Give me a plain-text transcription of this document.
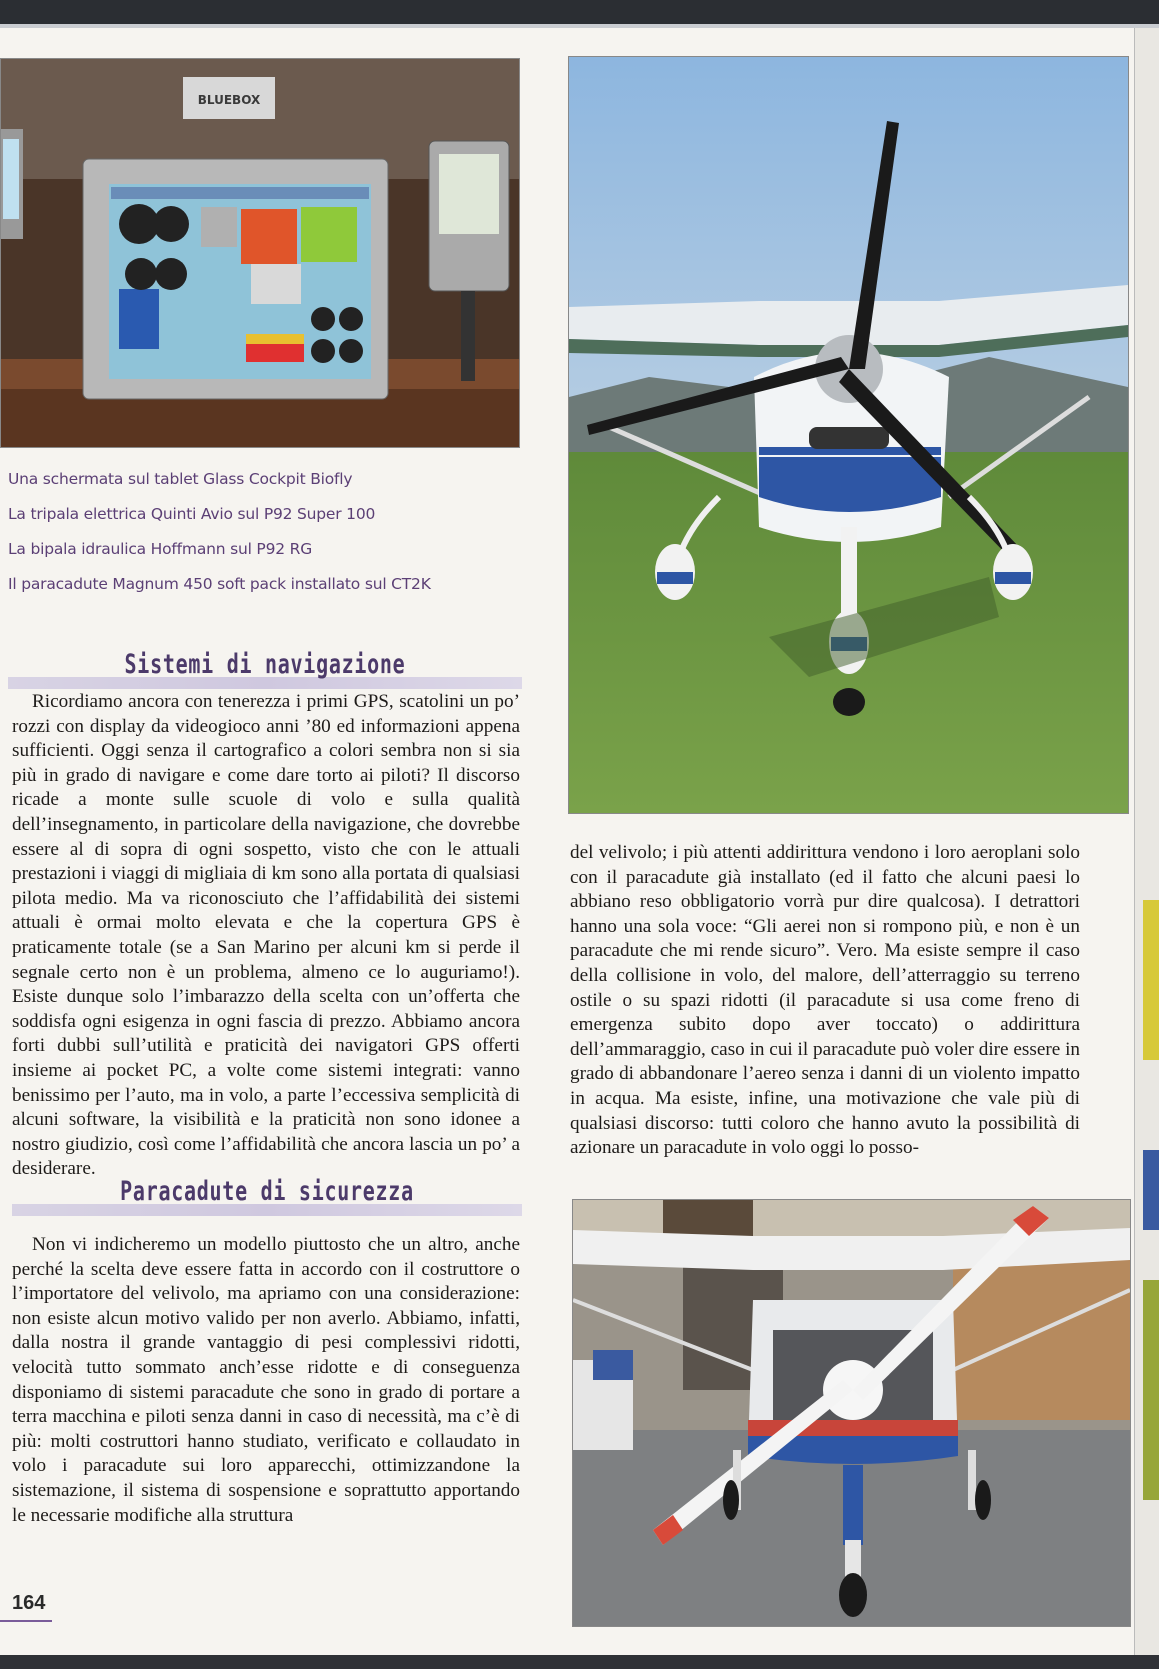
BLUEBOX
Una schermata sul tablet Glass Cockpit Biofly
La tripala elettrica Quinti Avio sul P92 Super 100
La bipala idraulica Hoffmann sul P92 RG
Il paracadute Magnum 450 soft pack installato sul CT2K
Sistemi di navigazione

Ricordiamo ancora con tenerezza i primi GPS, scatolini un po’ rozzi con display da videogioco anni ’80 ed informazioni appena sufficienti. Oggi senza il cartografico a colori sembra non si sia più in grado di navigare e come dare torto ai piloti? Il discorso ricade a monte sulle scuole di volo e sulla qualità dell’insegnamento, in particolare della navigazione, che dovrebbe essere al di sopra di ogni sospetto, visto che con le attuali prestazioni i viaggi di migliaia di km sono alla portata di qualsiasi pilota medio. Ma va riconosciuto che l’affidabilità dei sistemi attuali è ormai molto elevata e che la copertura GPS è praticamente totale (se a San Marino per alcuni km si perde il segnale certo non è un problema, almeno ce lo auguriamo!). Esiste dunque solo l’imbarazzo della scelta con un’offerta che soddisfa ogni esigenza in ogni fascia di prezzo. Abbiamo ancora forti dubbi sull’utilità e praticità dei navigatori GPS offerti insieme ai pocket PC, a volte come sistemi integrati: vanno benissimo per l’auto, ma in volo, a parte l’eccessiva semplicità di alcuni software, la visibilità e la praticità non sono idonee a nostro giudizio, così come l’affidabilità che ancora lascia un po’ a desiderare.

Paracadute di sicurezza

Non vi indicheremo un modello piuttosto che un altro, anche perché la scelta deve essere fatta in accordo con il costruttore o l’importatore del velivolo, ma apriamo con una considerazione: non esiste alcun motivo valido per non averlo. Abbiamo, infatti, dalla nostra il grande vantaggio di pesi complessivi ridotti, velocità tutto sommato anch’esse ridotte e di conseguenza disponiamo di sistemi paracadute che sono in grado di portare a terra macchina e piloti senza danni in caso di necessità, ma c’è di più: molti costruttori hanno studiato, verificato e collaudato in volo i paracadute sui loro apparecchi, ottimizzandone la sistemazione, il sistema di sospensione e soprattutto apportando le necessarie modifiche alla struttura

del velivolo; i più attenti addirittura vendono i loro aeroplani solo con il paracadute già installato (ed il fatto che alcuni paesi lo abbiano reso obbligatorio vorrà pur dire qualcosa). I detrattori hanno una sola voce: “Gli aerei non si rompono più, e non è un paracadute che mi rende sicuro”. Vero. Ma esiste sempre il caso della collisione in volo, del malore, dell’atterraggio su terreno ostile o su spazi ridotti (il paracadute si usa come freno di emergenza subito dopo aver toccato) o addirittura dell’ammaraggio, caso in cui il paracadute può voler dire essere in grado di abbandonare l’aereo senza i danni di un violento impatto in acqua. Ma esiste, infine, una motivazione che vale più di qualsiasi discorso: tutti coloro che hanno avuto la possibilità di azionare un paracadute in volo oggi lo posso-

164
